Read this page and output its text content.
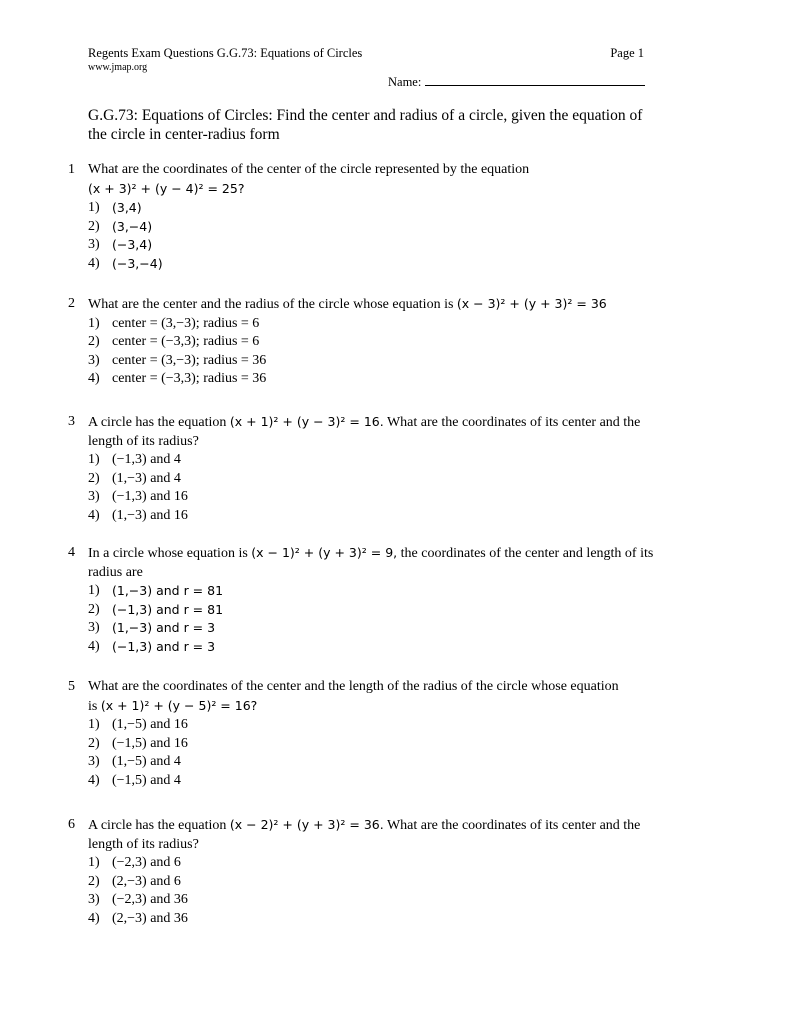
Regents Exam Questions G.G.73: Equations of Circles	Page 1
www.jmap.org
Name:
G.G.73: Equations of Circles: Find the center and radius of a circle, given the equation of the circle in center-radius form
1 What are the coordinates of the center of the circle represented by the equation
(x + 3)² + (y − 4)² = 25?
1) (3,4)
2) (3,−4)
3) (−3,4)
4) (−3,−4)
2 What are the center and the radius of the circle whose equation is (x − 3)² + (y + 3)² = 36
1) center = (3,−3); radius = 6
2) center = (−3,3); radius = 6
3) center = (3,−3); radius = 36
4) center = (−3,3); radius = 36
3 A circle has the equation (x + 1)² + (y − 3)² = 16. What are the coordinates of its center and the length of its radius?
1) (−1,3) and 4
2) (1,−3) and 4
3) (−1,3) and 16
4) (1,−3) and 16
4 In a circle whose equation is (x − 1)² + (y + 3)² = 9, the coordinates of the center and length of its radius are
1) (1,−3) and r = 81
2) (−1,3) and r = 81
3) (1,−3) and r = 3
4) (−1,3) and r = 3
5 What are the coordinates of the center and the length of the radius of the circle whose equation is (x + 1)² + (y − 5)² = 16?
1) (1,−5) and 16
2) (−1,5) and 16
3) (1,−5) and 4
4) (−1,5) and 4
6 A circle has the equation (x − 2)² + (y + 3)² = 36. What are the coordinates of its center and the length of its radius?
1) (−2,3) and 6
2) (2,−3) and 6
3) (−2,3) and 36
4) (2,−3) and 36
